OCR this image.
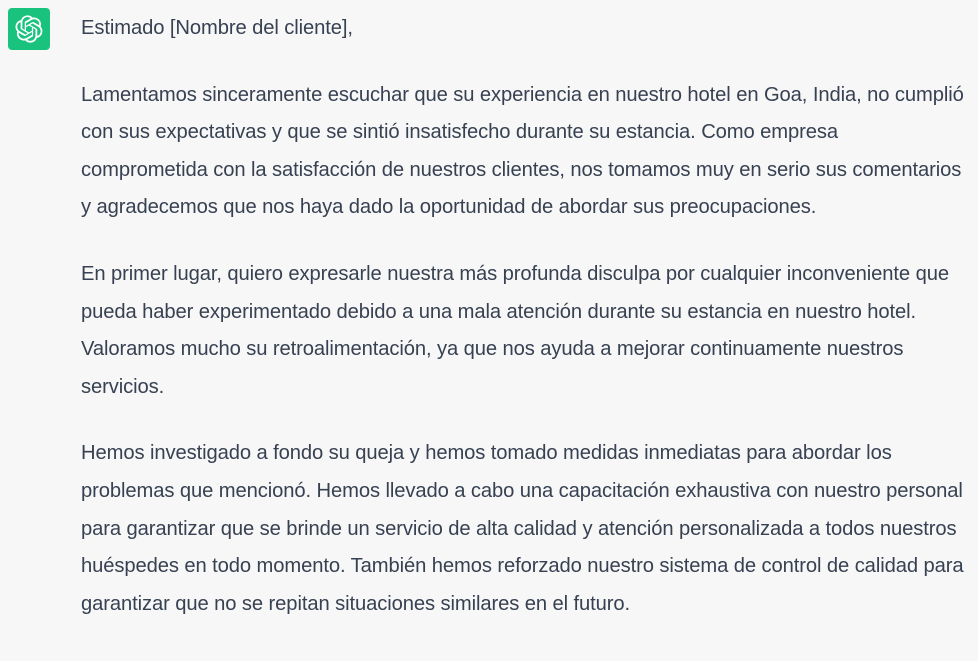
Estimado [Nombre del cliente],

Lamentamos sinceramente escuchar que su experiencia en nuestro hotel en Goa, India, no cumplió con sus expectativas y que se sintió insatisfecho durante su estancia. Como empresa comprometida con la satisfacción de nuestros clientes, nos tomamos muy en serio sus comentarios y agradecemos que nos haya dado la oportunidad de abordar sus preocupaciones.

En primer lugar, quiero expresarle nuestra más profunda disculpa por cualquier inconveniente que pueda haber experimentado debido a una mala atención durante su estancia en nuestro hotel. Valoramos mucho su retroalimentación, ya que nos ayuda a mejorar continuamente nuestros servicios.

Hemos investigado a fondo su queja y hemos tomado medidas inmediatas para abordar los problemas que mencionó. Hemos llevado a cabo una capacitación exhaustiva con nuestro personal para garantizar que se brinde un servicio de alta calidad y atención personalizada a todos nuestros huéspedes en todo momento. También hemos reforzado nuestro sistema de control de calidad para garantizar que no se repitan situaciones similares en el futuro.
